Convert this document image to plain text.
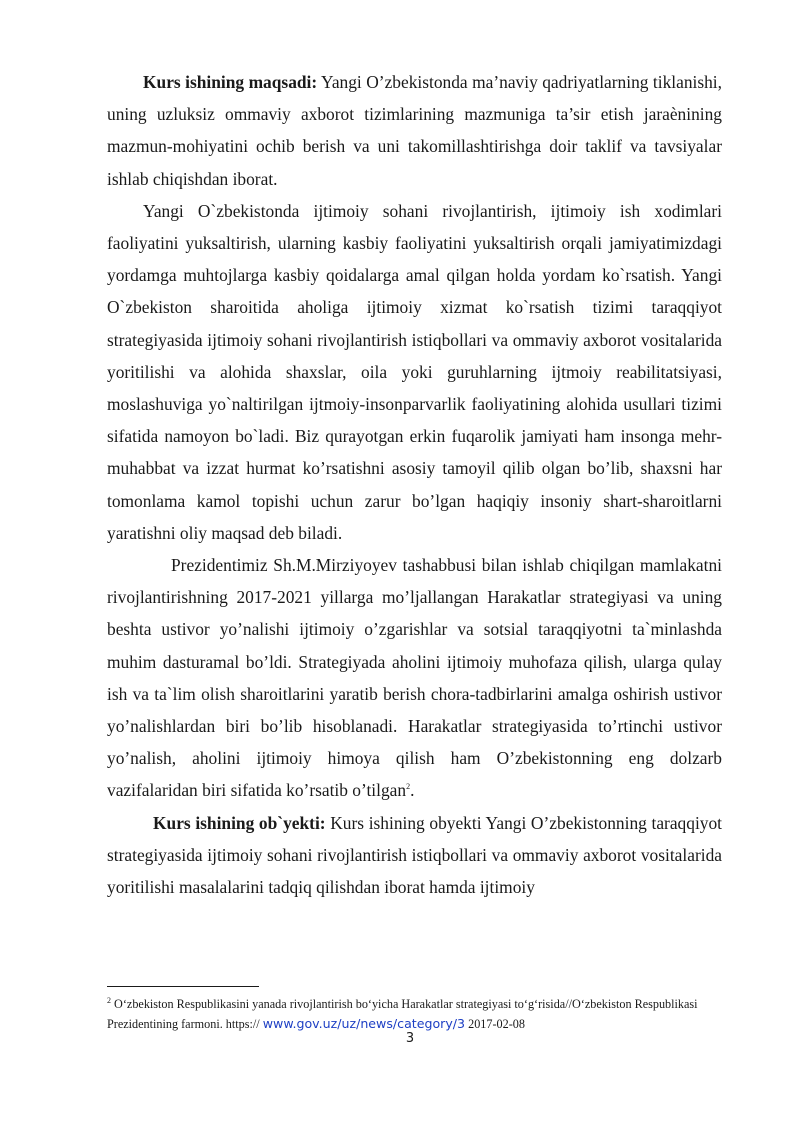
Kurs ishining maqsadi: Yangi O’zbekistonda ma’naviy qadriyatlarning tiklanishi, uning uzluksiz ommaviy axborot tizimlarining mazmuniga ta’sir etish jaraènining mazmun-mohiyatini ochib berish va uni takomillashtirishga doir taklif va tavsiyalar ishlab chiqishdan iborat.

Yangi O`zbekistonda ijtimoiy sohani rivojlantirish, ijtimoiy ish xodimlari faoliyatini yuksaltirish, ularning kasbiy faoliyatini yuksaltirish orqali jamiyatimizdagi yordamga muhtojlarga kasbiy qoidalarga amal qilgan holda yordam ko`rsatish. Yangi O`zbekiston sharoitida aholiga ijtimoiy xizmat ko`rsatish tizimi taraqqiyot strategiyasida ijtimoiy sohani rivojlantirish istiqbollari va ommaviy axborot vositalarida yoritilishi va alohida shaxslar, oila yoki guruhlarning ijtmoiy reabilitatsiyasi, moslashuviga yo`naltirilgan ijtmoiy-insonparvarlik faoliyatining alohida usullari tizimi sifatida namoyon bo`ladi. Biz qurayotgan erkin fuqarolik jamiyati ham insonga mehr-muhabbat va izzat hurmat ko’rsatishni asosiy tamoyil qilib olgan bo’lib, shaxsni har tomonlama kamol topishi uchun zarur bo’lgan haqiqiy insoniy shart-sharoitlarni yaratishni oliy maqsad deb biladi.

Prezidentimiz Sh.M.Mirziyoyev tashabbusi bilan ishlab chiqilgan mamlakatni rivojlantirishning 2017-2021 yillarga mo’ljallangan Harakatlar strategiyasi va uning beshta ustivor yo’nalishi ijtimoiy o’zgarishlar va sotsial taraqqiyotni ta`minlashda muhim dasturamal bo’ldi. Strategiyada aholini ijtimoiy muhofaza qilish, ularga qulay ish va ta`lim olish sharoitlarini yaratib berish chora-tadbirlarini amalga oshirish ustivor yo’nalishlardan biri bo’lib hisoblanadi. Harakatlar strategiyasida to’rtinchi ustivor yo’nalish, aholini ijtimoiy himoya qilish ham O’zbekistonning eng dolzarb vazifalaridan biri sifatida ko’rsatib o’tilgan$^2$.

Kurs ishining ob`yekti: Kurs ishining obyekti Yangi O’zbekistonning taraqqiyot strategiyasida ijtimoiy sohani rivojlantirish istiqbollari va ommaviy axborot vositalarida yoritilishi masalalarini tadqiq qilishdan iborat hamda ijtimoiy

$^2$ O‘zbekiston Respublikasini yanada rivojlantirish bo‘yicha Harakatlar strategiyasi to‘g‘risida//O‘zbekiston Respublikasi Prezidentining farmoni. https:// www.gov.uz/uz/news/category/3 2017-02-08
3
